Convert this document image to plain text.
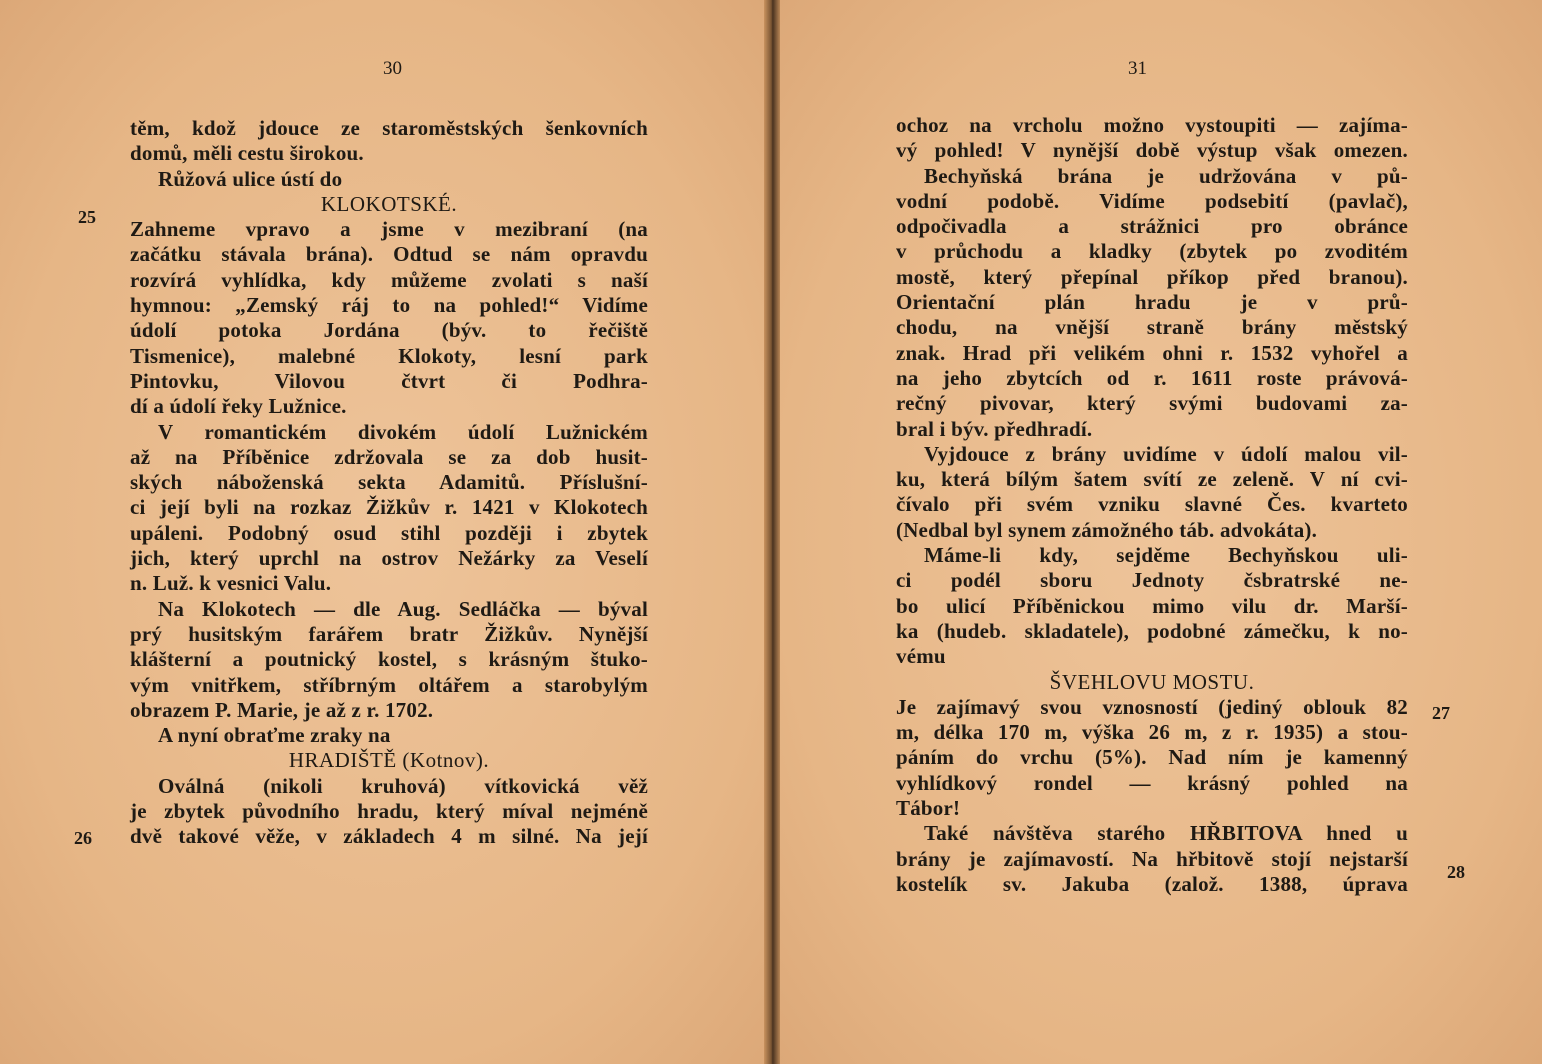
30
25
26
těm, kdož jdouce ze staroměstských šenkovních
domů, měli cestu širokou.
Růžová ulice ústí do
KLOKOTSKÉ.
Zahneme vpravo a jsme v mezibraní (na
začátku stávala brána). Odtud se nám opravdu
rozvírá vyhlídka, kdy můžeme zvolati s naší
hymnou: „Zemský ráj to na pohled!“ Vidíme
údolí potoka Jordána (býv. to řečiště
Tismenice), malebné Klokoty, lesní park
Pintovku, Vilovou čtvrt či Podhra-
dí a údolí řeky Lužnice.
V romantickém divokém údolí Lužnickém
až na Příběnice zdržovala se za dob husit-
ských náboženská sekta Adamitů. Příslušní-
ci její byli na rozkaz Žižkův r. 1421 v Klokotech
upáleni. Podobný osud stihl později i zbytek
jich, který uprchl na ostrov Nežárky za Veselí
n. Luž. k vesnici Valu.
Na Klokotech — dle Aug. Sedláčka — býval
prý husitským farářem bratr Žižkův. Nynější
klášterní a poutnický kostel, s krásným štuko-
vým vnitřkem, stříbrným oltářem a starobylým
obrazem P. Marie, je až z r. 1702.
A nyní obraťme zraky na
HRADIŠTĚ (Kotnov).
Oválná (nikoli kruhová) vítkovická věž
je zbytek původního hradu, který míval nejméně
dvě takové věže, v základech 4 m silné. Na její
31
27
28
ochoz na vrcholu možno vystoupiti — zajíma-
vý pohled! V nynější době výstup však omezen.
Bechyňská brána je udržována v pů-
vodní podobě. Vidíme podsebití (pavlač),
odpočivadla a strážnici pro obránce
v průchodu a kladky (zbytek po zvoditém
mostě, který přepínal příkop před branou).
Orientační plán hradu je v prů-
chodu, na vnější straně brány městský
znak. Hrad při velikém ohni r. 1532 vyhořel a
na jeho zbytcích od r. 1611 roste právová-
rečný pivovar, který svými budovami za-
bral i býv. předhradí.
Vyjdouce z brány uvidíme v údolí malou vil-
ku, která bílým šatem svítí ze zeleně. V ní cvi-
čívalo při svém vzniku slavné Čes. kvarteto
(Nedbal byl synem zámožného táb. advokáta).
Máme-li kdy, sejděme Bechyňskou uli-
ci podél sboru Jednoty čsbratrské ne-
bo ulicí Příběnickou mimo vilu dr. Marší-
ka (hudeb. skladatele), podobné zámečku, k no-
vému
ŠVEHLOVU MOSTU.
Je zajímavý svou vznosností (jediný oblouk 82
m, délka 170 m, výška 26 m, z r. 1935) a stou-
páním do vrchu (5%). Nad ním je kamenný
vyhlídkový rondel — krásný pohled na
Tábor!
Také návštěva starého HŘBITOVA hned u
brány je zajímavostí. Na hřbitově stojí nejstarší
kostelík sv. Jakuba (založ. 1388, úprava
